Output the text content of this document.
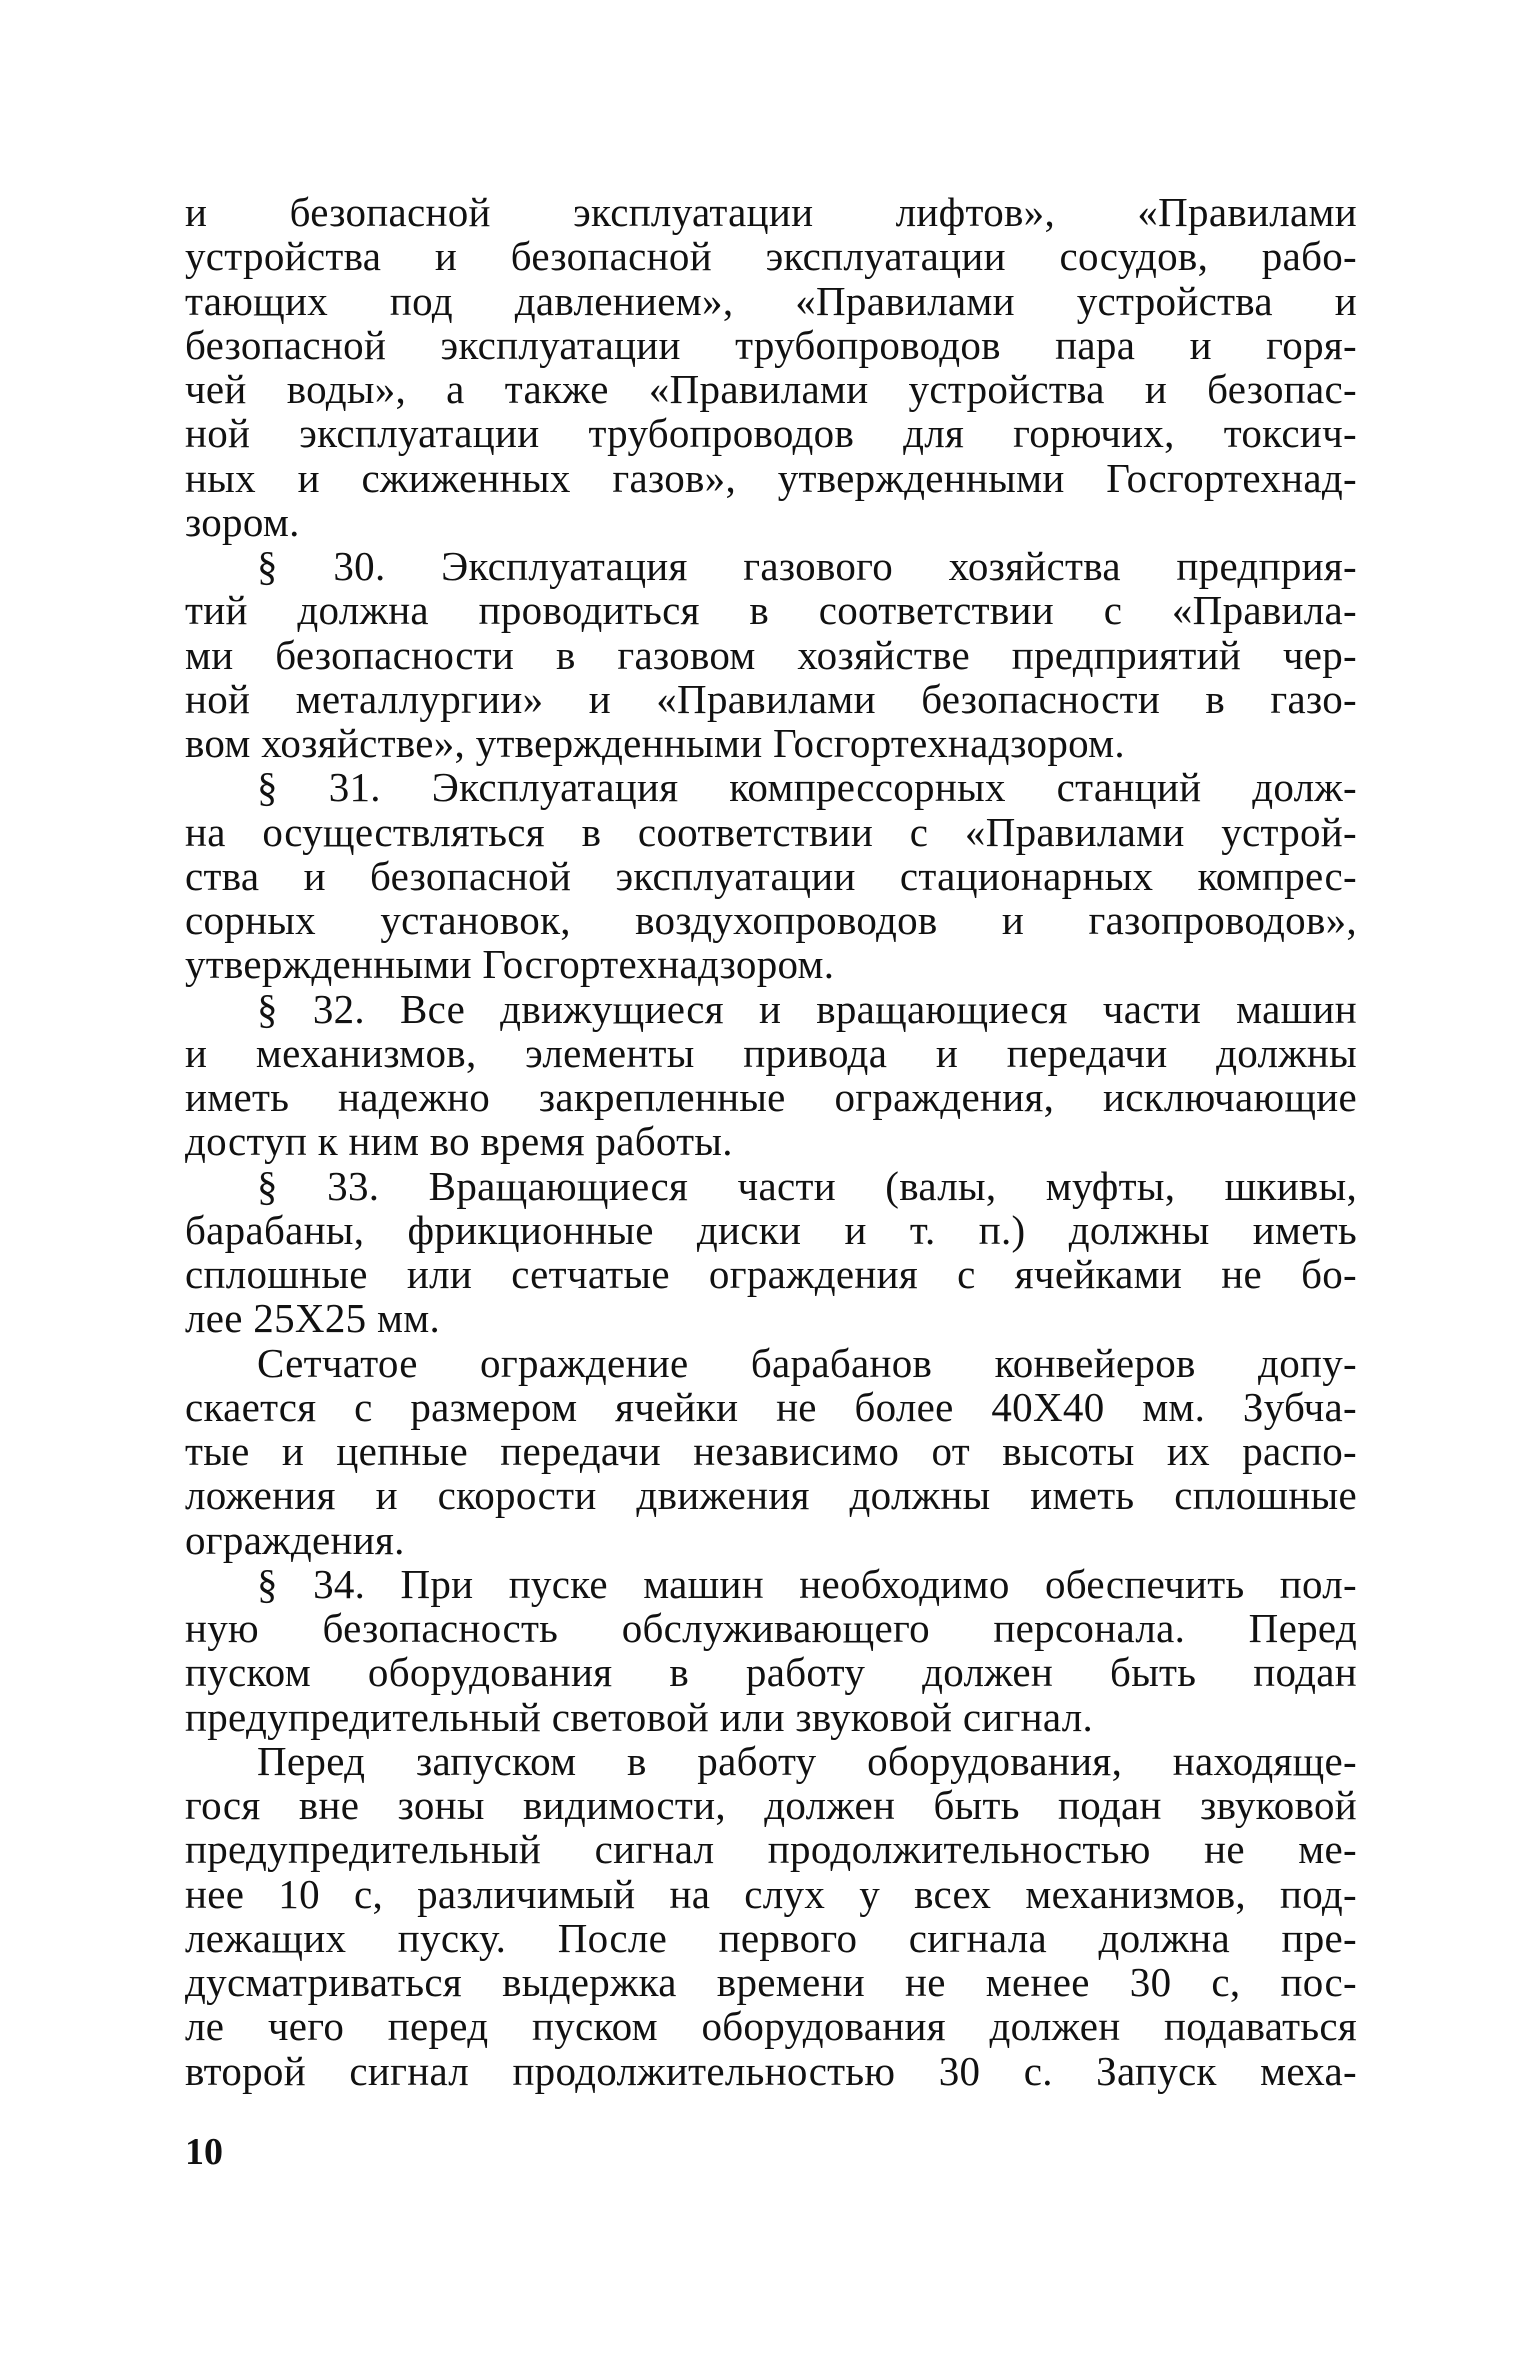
и безопасной эксплуатации лифтов», «Правилами
устройства и безопасной эксплуатации сосудов, рабо-
тающих под давлением», «Правилами устройства и
безопасной эксплуатации трубопроводов пара и горя-
чей воды», а также «Правилами устройства и безопас-
ной эксплуатации трубопроводов для горючих, токсич-
ных и сжиженных газов», утвержденными Госгортехнад-
зором.
§ 30. Эксплуатация газового хозяйства предприя-
тий должна проводиться в соответствии с «Правила-
ми безопасности в газовом хозяйстве предприятий чер-
ной металлургии» и «Правилами безопасности в газо-
вом хозяйстве», утвержденными Госгортехнадзором.
§ 31. Эксплуатация компрессорных станций долж-
на осуществляться в соответствии с «Правилами устрой-
ства и безопасной эксплуатации стационарных компрес-
сорных установок, воздухопроводов и газопроводов»,
утвержденными Госгортехнадзором.
§ 32. Все движущиеся и вращающиеся части машин
и механизмов, элементы привода и передачи должны
иметь надежно закрепленные ограждения, исключающие
доступ к ним во время работы.
§ 33. Вращающиеся части (валы, муфты, шкивы,
барабаны, фрикционные диски и т. п.) должны иметь
сплошные или сетчатые ограждения с ячейками не бо-
лее 25X25 мм.
Сетчатое ограждение барабанов конвейеров допу-
скается с размером ячейки не более 40X40 мм. Зубча-
тые и цепные передачи независимо от высоты их распо-
ложения и скорости движения должны иметь сплошные
ограждения.
§ 34. При пуске машин необходимо обеспечить пол-
ную безопасность обслуживающего персонала. Перед
пуском оборудования в работу должен быть подан
предупредительный световой или звуковой сигнал.
Перед запуском в работу оборудования, находяще-
гося вне зоны видимости, должен быть подан звуковой
предупредительный сигнал продолжительностью не ме-
нее 10 с, различимый на слух у всех механизмов, под-
лежащих пуску. После первого сигнала должна пре-
дусматриваться выдержка времени не менее 30 с, пос-
ле чего перед пуском оборудования должен подаваться
второй сигнал продолжительностью 30 с. Запуск меха-
10
